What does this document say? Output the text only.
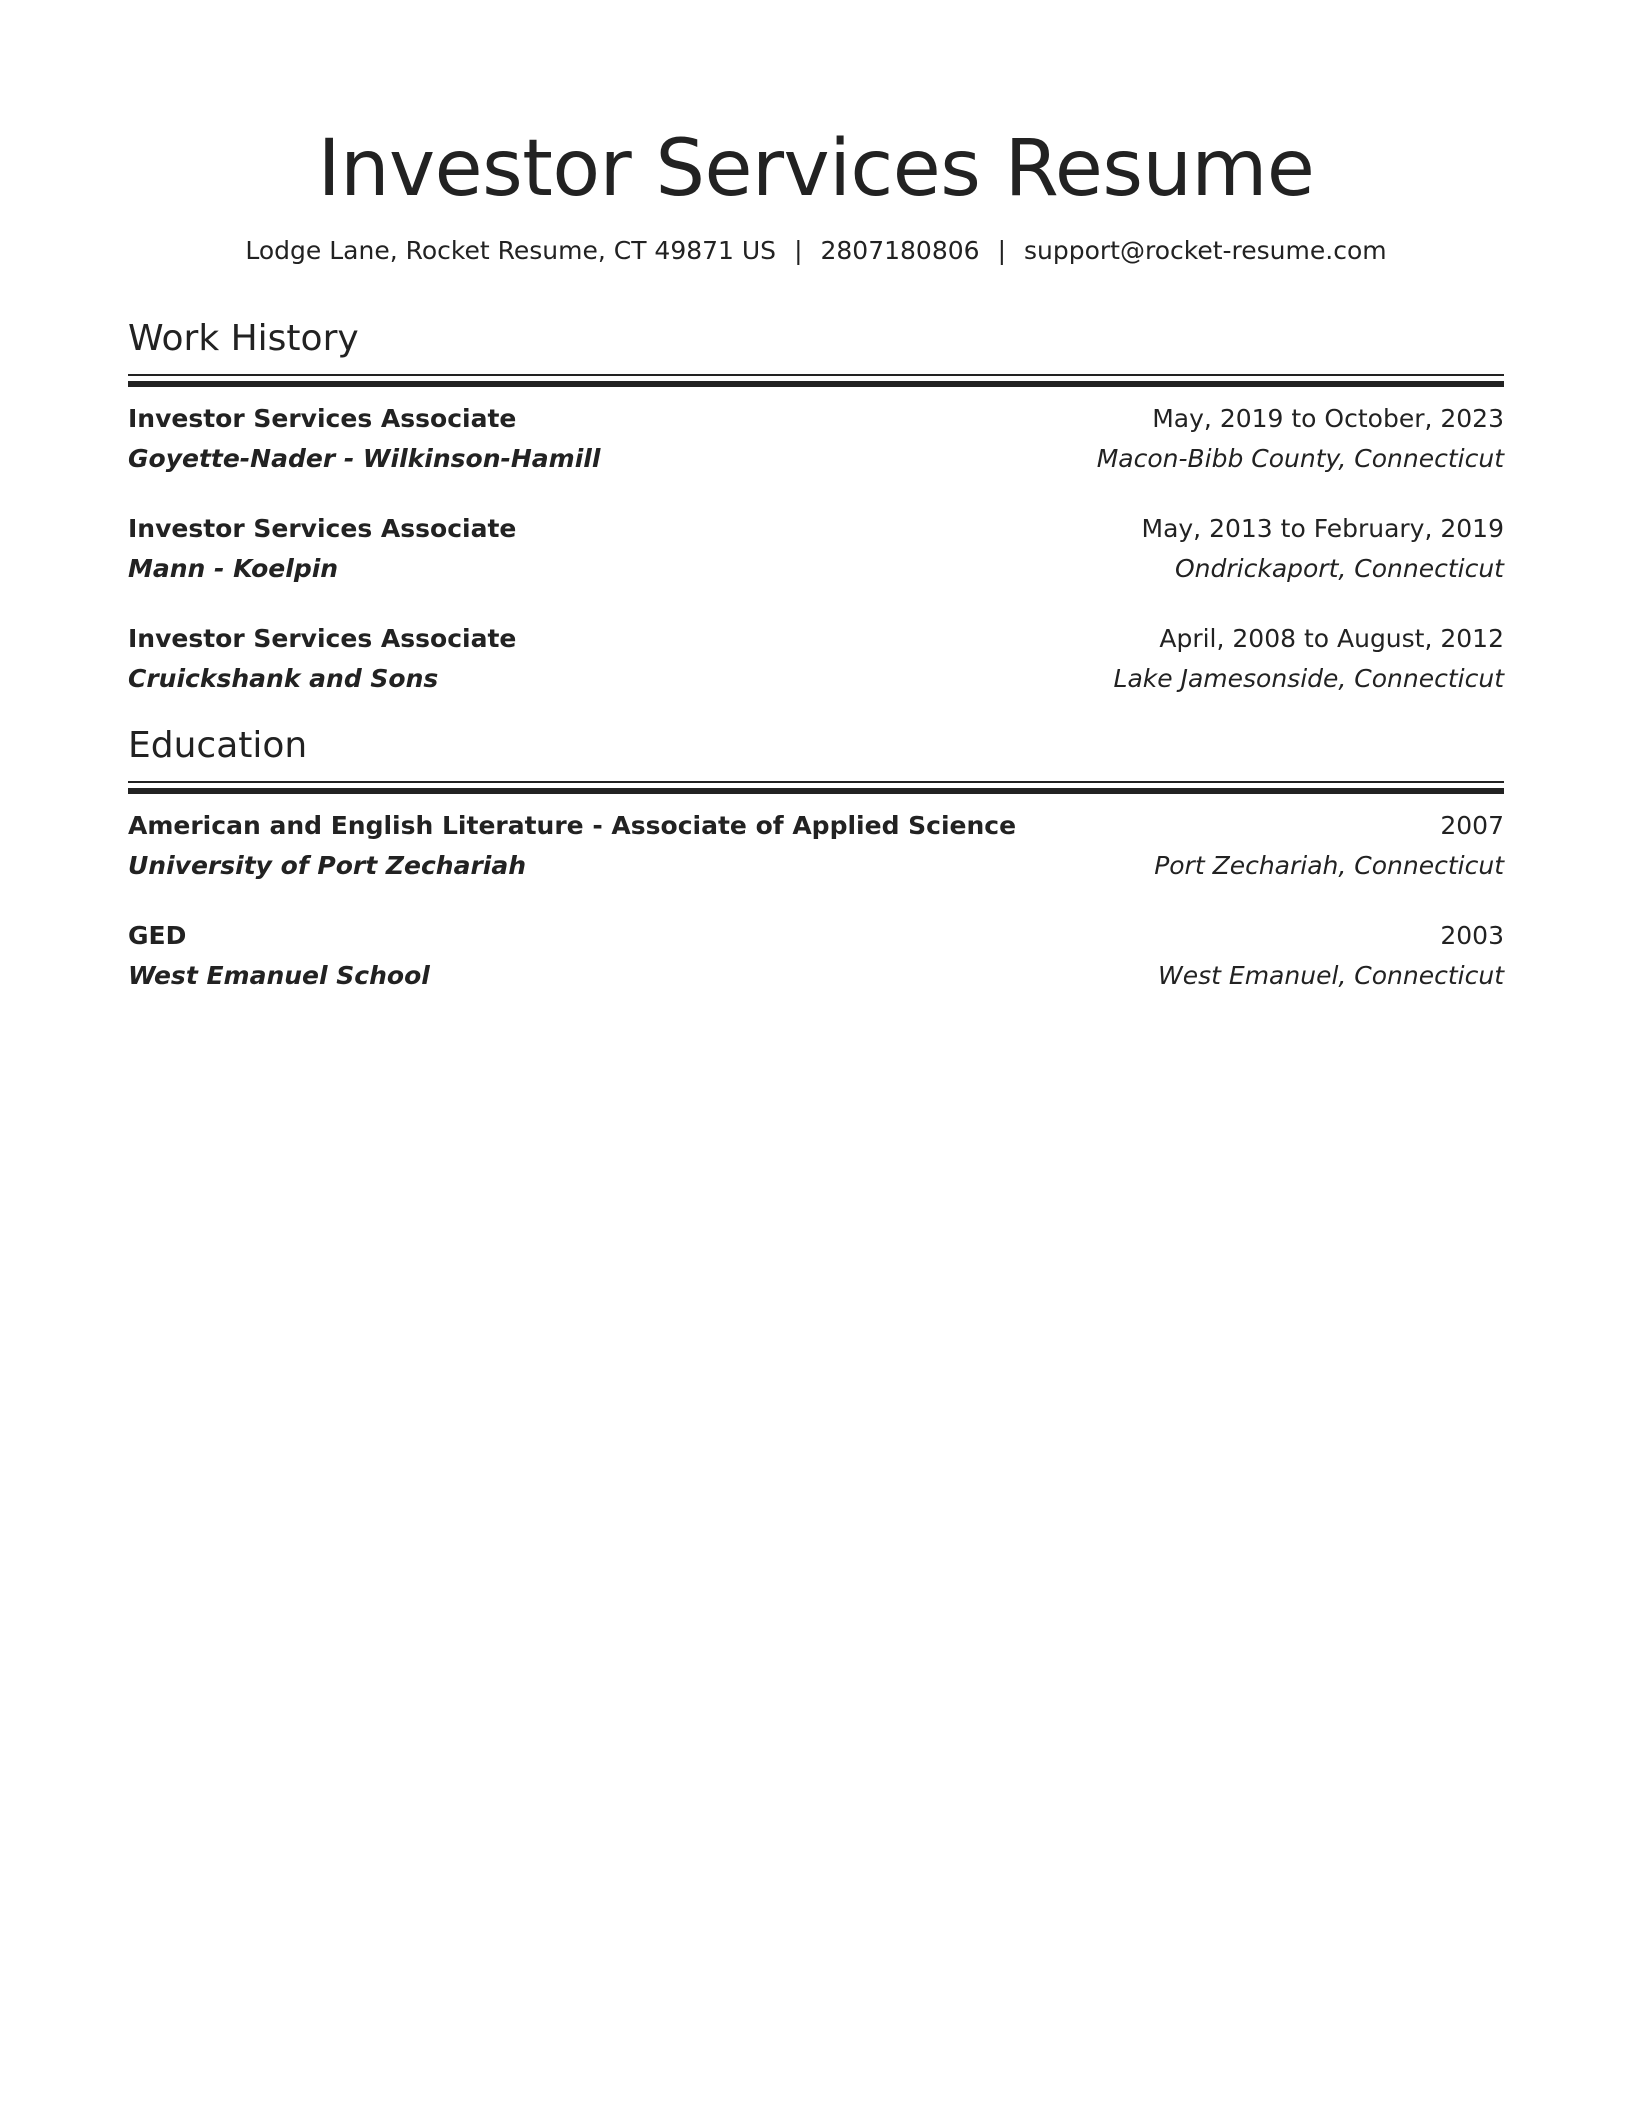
Investor Services Resume
Lodge Lane, Rocket Resume, CT 49871 US | 2807180806 | support@rocket-resume.com
Work History
Investor Services Associate	May, 2019 to October, 2023
Goyette-Nader - Wilkinson-Hamill	Macon-Bibb County, Connecticut
Investor Services Associate	May, 2013 to February, 2019
Mann - Koelpin	Ondrickaport, Connecticut
Investor Services Associate	April, 2008 to August, 2012
Cruickshank and Sons	Lake Jamesonside, Connecticut
Education
American and English Literature - Associate of Applied Science	2007
University of Port Zechariah	Port Zechariah, Connecticut
GED	2003
West Emanuel School	West Emanuel, Connecticut
